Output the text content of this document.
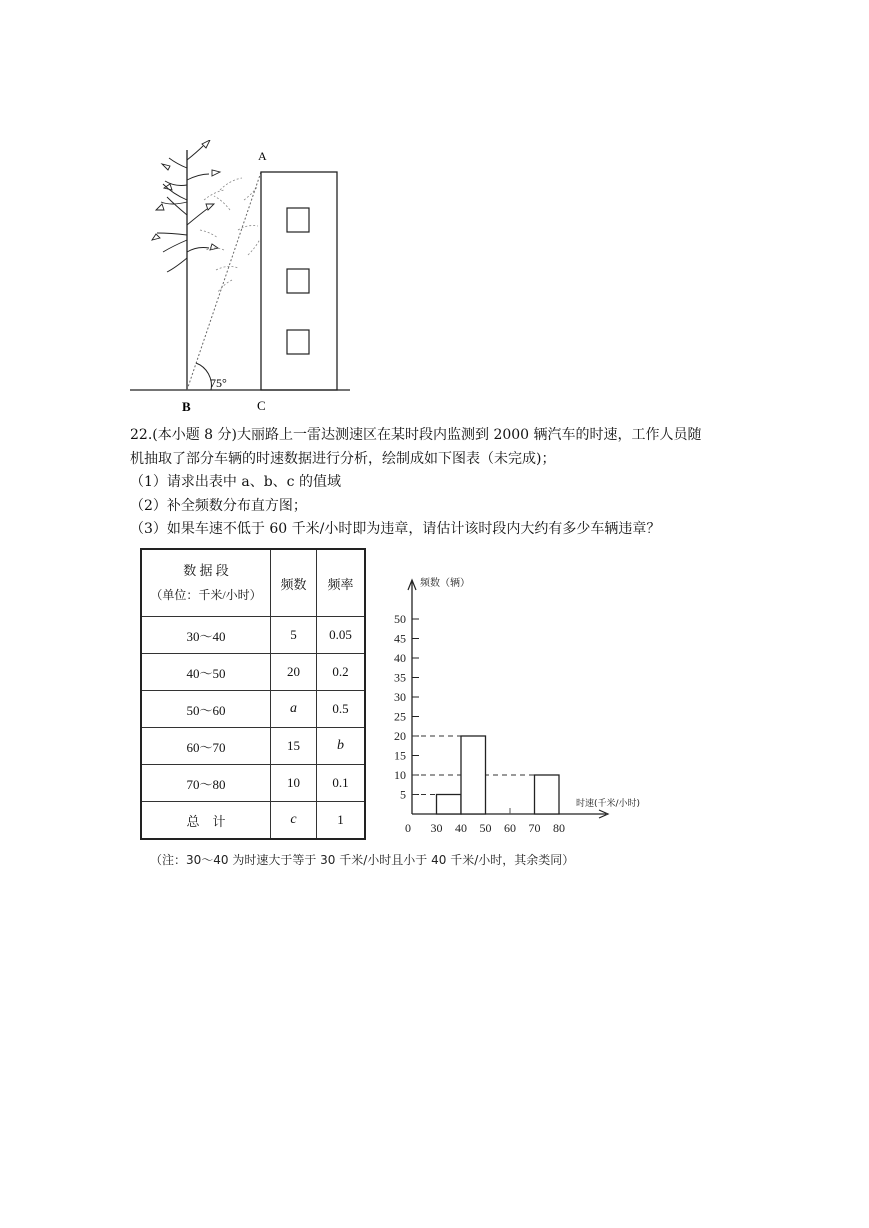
A
B	C
75°
22.(本小题 8 分)大丽路上一雷达测速区在某时段内监测到 2000 辆汽车的时速，工作人员随
机抽取了部分车辆的时速数据进行分析，绘制成如下图表（未完成)；
（1）请求出表中 a、b、c 的值域
（2）补全频数分布直方图；
（3）如果车速不低于 60 千米/小时即为违章，请估计该时段内大约有多少车辆违章？
数 据 段
（单位：千米/小时）	频数	频率
30～40	5	0.05
40～50	20	0.2
50～60	a	0.5
60～70	15	b
70～80	10	0.1
总　计	c	1
5
10
15
20
25
30
35
40
45
50
30 40 50 60 70 80
0
频数（辆）
时速(千米/小时)
（注：30～40 为时速大于等于 30 千米/小时且小于 40 千米/小时，其余类同）
